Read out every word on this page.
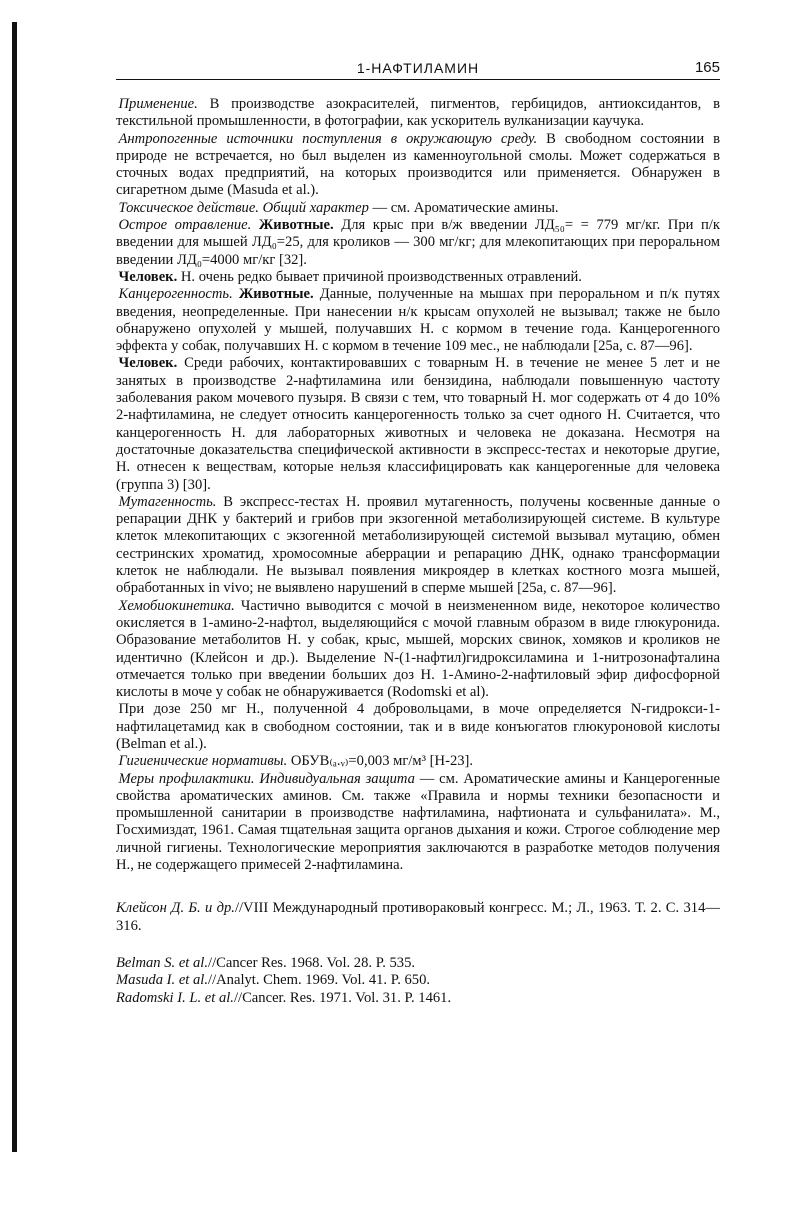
1-НАФТИЛАМИН	165

Применение. В производстве азокрасителей, пигментов, гербицидов, антиоксидантов, в текстильной промышленности, в фотографии, как ускоритель вулканизации каучука.

Антропогенные источники поступления в окружающую среду. В свободном состоянии в природе не встречается, но был выделен из каменноугольной смолы. Может содержаться в сточных водах предприятий, на которых производится или применяется. Обнаружен в сигаретном дыме (Masuda et al.).

Токсическое действие. Общий характер — см. Ароматические амины.

Острое отравление. Животные. Для крыс при в/ж введении ЛД₅₀= = 779 мг/кг. При п/к введении для мышей ЛД₀=25, для кроликов — 300 мг/кг; для млекопитающих при пероральном введении ЛД₀=4000 мг/кг [32].

Человек. Н. очень редко бывает причиной производственных отравлений.

Канцерогенность. Животные. Данные, полученные на мышах при пероральном и п/к путях введения, неопределенные. При нанесении н/к крысам опухолей не вызывал; также не было обнаружено опухолей у мышей, получавших Н. с кормом в течение года. Канцерогенного эффекта у собак, получавших Н. с кормом в течение 109 мес., не наблюдали [25а, с. 87—96].

Человек. Среди рабочих, контактировавших с товарным Н. в течение не менее 5 лет и не занятых в производстве 2-нафтиламина или бензидина, наблюдали повышенную частоту заболевания раком мочевого пузыря. В связи с тем, что товарный Н. мог содержать от 4 до 10% 2-нафтиламина, не следует относить канцерогенность только за счет одного Н. Считается, что канцерогенность Н. для лабораторных животных и человека не доказана. Несмотря на достаточные доказательства специфической активности в экспресс-тестах и некоторые другие, Н. отнесен к веществам, которые нельзя классифицировать как канцерогенные для человека (группа 3) [30].

Мутагенность. В экспресс-тестах Н. проявил мутагенность, получены косвенные данные о репарации ДНК у бактерий и грибов при экзогенной метаболизирующей системе. В культуре клеток млекопитающих с экзогенной метаболизирующей системой вызывал мутацию, обмен сестринских хроматид, хромосомные аберрации и репарацию ДНК, однако трансформации клеток не наблюдали. Не вызывал появления микроядер в клетках костного мозга мышей, обработанных in vivo; не выявлено нарушений в сперме мышей [25а, с. 87—96].

Хемобиокинетика. Частично выводится с мочой в неизмененном виде, некоторое количество окисляется в 1-амино-2-нафтол, выделяющийся с мочой главным образом в виде глюкуронида. Образование метаболитов Н. у собак, крыс, мышей, морских свинок, хомяков и кроликов не идентично (Клейсон и др.). Выделение N-(1-нафтил)гидроксиламина и 1-нитрозонафталина отмечается только при введении больших доз Н. 1-Амино-2-нафтиловый эфир дифосфорной кислоты в моче у собак не обнаруживается (Rodomski et al).

При дозе 250 мг Н., полученной 4 добровольцами, в моче определяется N-гидрокси-1-нафтилацетамид как в свободном состоянии, так и в виде конъюгатов глюкуроновой кислоты (Belman et al.).

Гигиенические нормативы. ОБУВ₍ₐ.ᵥ₎=0,003 мг/м³ [Н-23].

Меры профилактики. Индивидуальная защита — см. Ароматические амины и Канцерогенные свойства ароматических аминов. См. также «Правила и нормы техники безопасности и промышленной санитарии в производстве нафтиламина, нафтионата и сульфанилата». М., Госхимиздат, 1961. Самая тщательная защита органов дыхания и кожи. Строгое соблюдение мер личной гигиены. Технологические мероприятия заключаются в разработке методов получения Н., не содержащего примесей 2-нафтиламина.

Клейсон Д. Б. и др.//VIII Международный противораковый конгресс. М.; Л., 1963. Т. 2. С. 314—316.

Belman S. et al.//Cancer Res. 1968. Vol. 28. P. 535.

Masuda I. et al.//Analyt. Chem. 1969. Vol. 41. P. 650.

Radomski I. L. et al.//Cancer. Res. 1971. Vol. 31. P. 1461.
